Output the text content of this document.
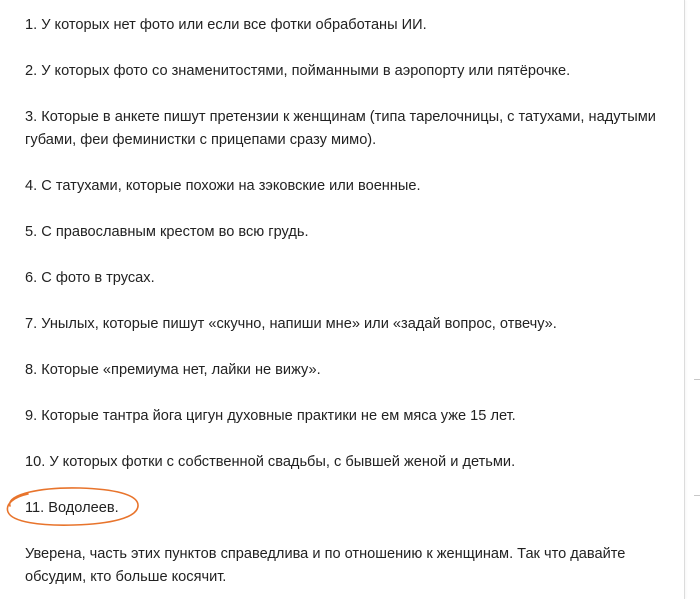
1. У которых нет фото или если все фотки обработаны ИИ.
2. У которых фото со знаменитостями, пойманными в аэропорту или пятёрочке.
3. Которые в анкете пишут претензии к женщинам (типа тарелочницы, с татухами, надутыми губами, феи феминистки с прицепами сразу мимо).
4. С татухами, которые похожи на зэковские или военные.
5. С православным крестом во всю грудь.
6. С фото в трусах.
7. Унылых, которые пишут «скучно, напиши мне» или «задай вопрос, отвечу».
8. Которые «премиума нет, лайки не вижу».
9. Которые тантра йога цигун духовные практики не ем мяса уже 15 лет.
10. У которых фотки с собственной свадьбы, с бывшей женой и детьми.
11. Водолеев.
Уверена, часть этих пунктов справедлива и по отношению к женщинам. Так что давайте обсудим, кто больше косячит.
